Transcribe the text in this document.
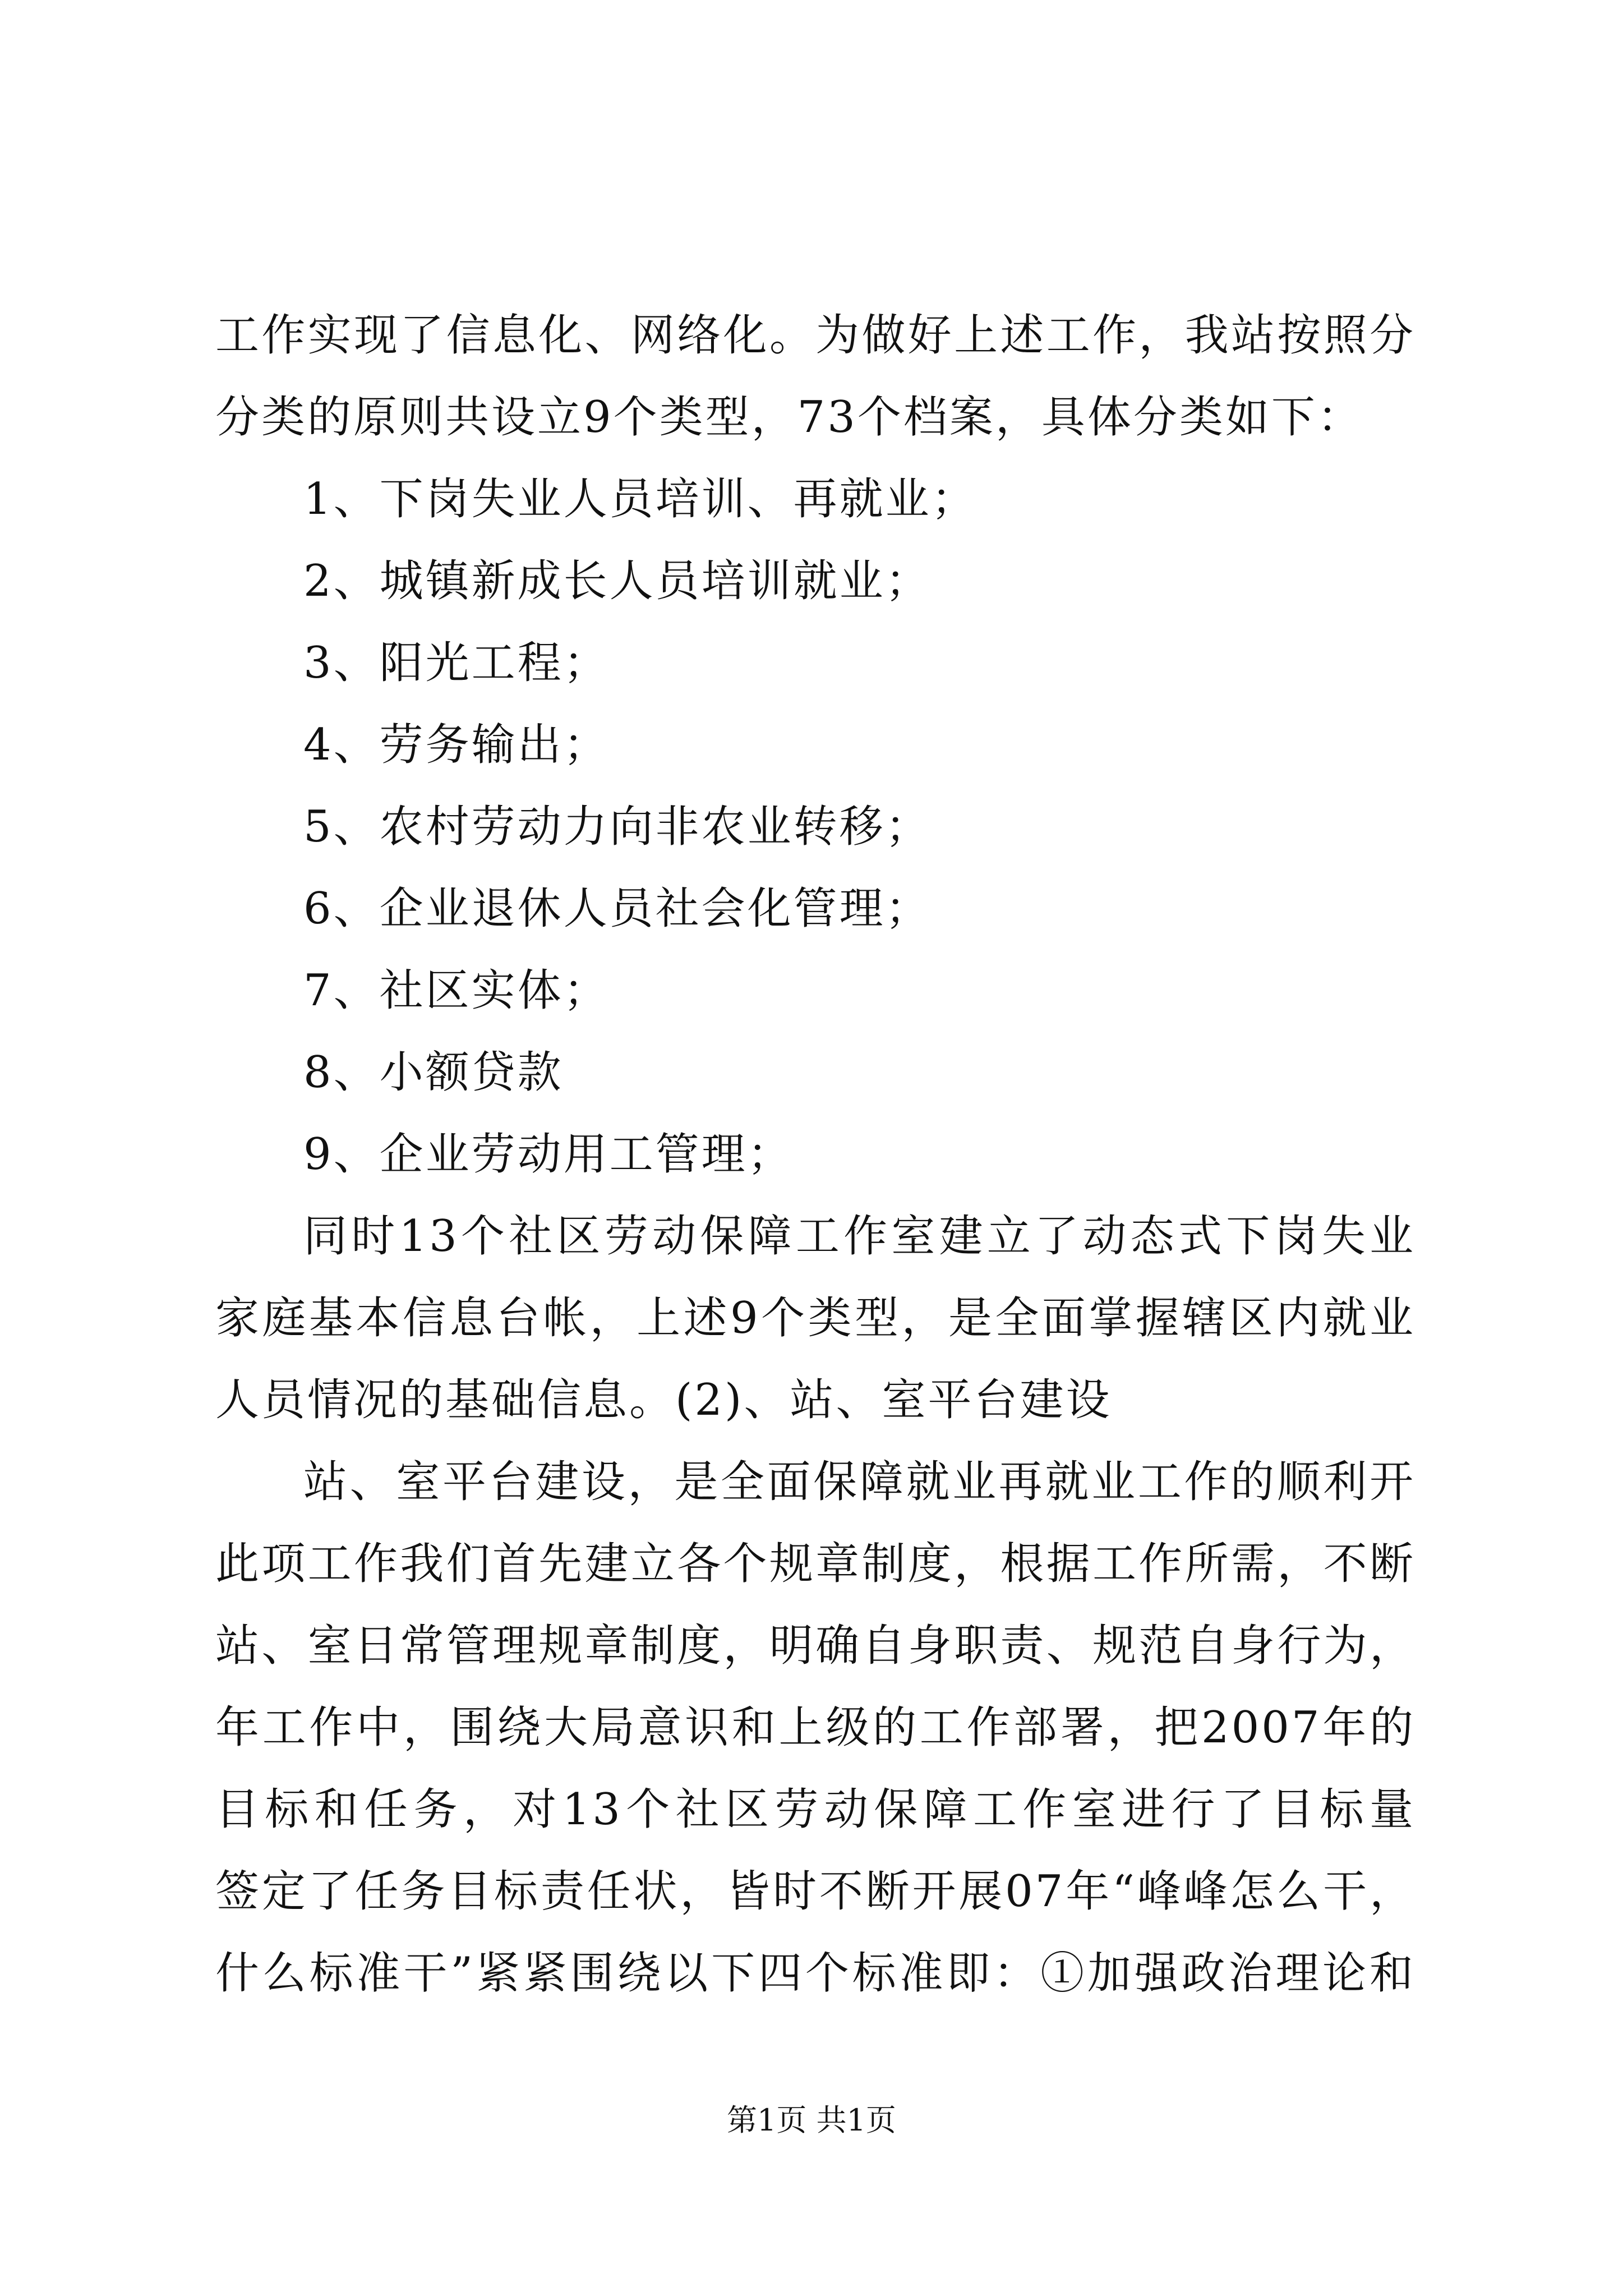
工作实现了信息化、网络化。为做好上述工作，我站按照分
分类的原则共设立9个类型，73个档案，具体分类如下：
1、下岗失业人员培训、再就业；
2、城镇新成长人员培训就业；
3、阳光工程；
4、劳务输出；
5、农村劳动力向非农业转移；
6、企业退休人员社会化管理；
7、社区实体；
8、小额贷款
9、企业劳动用工管理；
同时13个社区劳动保障工作室建立了动态式下岗失业
家庭基本信息台帐，上述9个类型，是全面掌握辖区内就业
人员情况的基础信息。(2)、站、室平台建设
站、室平台建设，是全面保障就业再就业工作的顺利开
此项工作我们首先建立各个规章制度，根据工作所需，不断
站、室日常管理规章制度，明确自身职责、规范自身行为，
年工作中，围绕大局意识和上级的工作部署，把2007年的
目标和任务，对13个社区劳动保障工作室进行了目标量
签定了任务目标责任状，皆时不断开展07年“峰峰怎么干，
什么标准干”紧紧围绕以下四个标准即：①加强政治理论和
第1页 共1页
